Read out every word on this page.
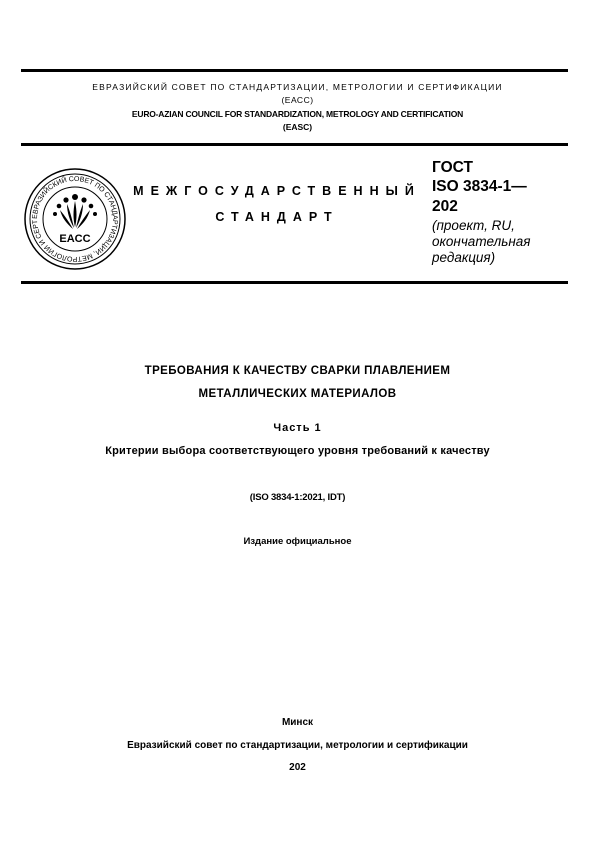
ЕВРАЗИЙСКИЙ СОВЕТ ПО СТАНДАРТИЗАЦИИ, МЕТРОЛОГИИ И СЕРТИФИКАЦИИ
(ЕАСС)
EURO-AZIAN COUNCIL FOR STANDARDIZATION, METROLOGY AND CERTIFICATION
(EASC)
ЕВРАЗИЙСКИЙ СОВЕТ ПО СТАНДАРТИЗАЦИИ, МЕТРОЛОГИИ И СЕРТ
EACC
МЕЖГОСУДАРСТВЕННЫЙ
СТАНДАРТ
ГОСТ
ISO 3834-1—
202
(проект, RU, окончательная редакция)
ТРЕБОВАНИЯ К КАЧЕСТВУ СВАРКИ ПЛАВЛЕНИЕМ
МЕТАЛЛИЧЕСКИХ МАТЕРИАЛОВ
Часть 1
Критерии выбора соответствующего уровня требований к качеству
(ISO 3834-1:2021, IDT)
Издание официальное
Минск
Евразийский совет по стандартизации, метрологии и сертификации
202
